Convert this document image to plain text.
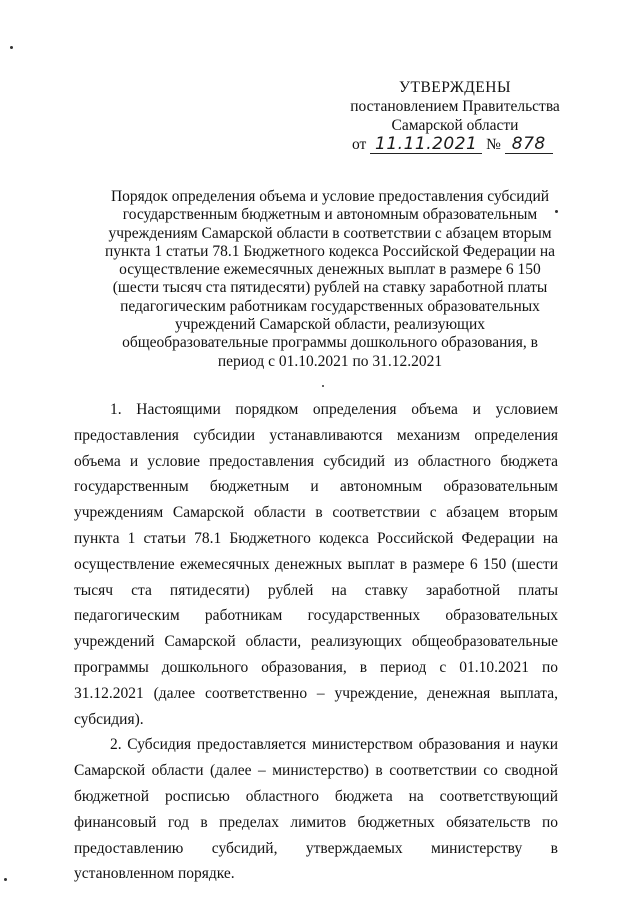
УТВЕРЖДЕНЫ
постановлением Правительства
Самарской области
от 11.11.2021 № 878
Порядок определения объема и условие предоставления субсидий государственным бюджетным и автономным образовательным учреждениям Самарской области в соответствии с абзацем вторым пункта 1 статьи 78.1 Бюджетного кодекса Российской Федерации на осуществление ежемесячных денежных выплат в размере 6 150 (шести тысяч ста пятидесяти) рублей на ставку заработной платы педагогическим работникам государственных образовательных учреждений Самарской области, реализующих общеобразовательные программы дошкольного образования, в период с 01.10.2021 по 31.12.2021

1. Настоящими порядком определения объема и условием предоставления субсидии устанавливаются механизм определения объема и условие предоставления субсидий из областного бюджета государственным бюджетным и автономным образовательным учреждениям Самарской области в соответствии с абзацем вторым пункта 1 статьи 78.1 Бюджетного кодекса Российской Федерации на осуществление ежемесячных денежных выплат в размере 6 150 (шести тысяч ста пятидесяти) рублей на ставку заработной платы педагогическим работникам государственных образовательных учреждений Самарской области, реализующих общеобразовательные программы дошкольного образования, в период с 01.10.2021 по 31.12.2021 (далее соответственно – учреждение, денежная выплата, субсидия).

2. Субсидия предоставляется министерством образования и науки Самарской области (далее – министерство) в соответствии со сводной бюджетной росписью областного бюджета на соответствующий финансовый год в пределах лимитов бюджетных обязательств по предоставлению субсидий, утверждаемых министерству в установленном порядке.
